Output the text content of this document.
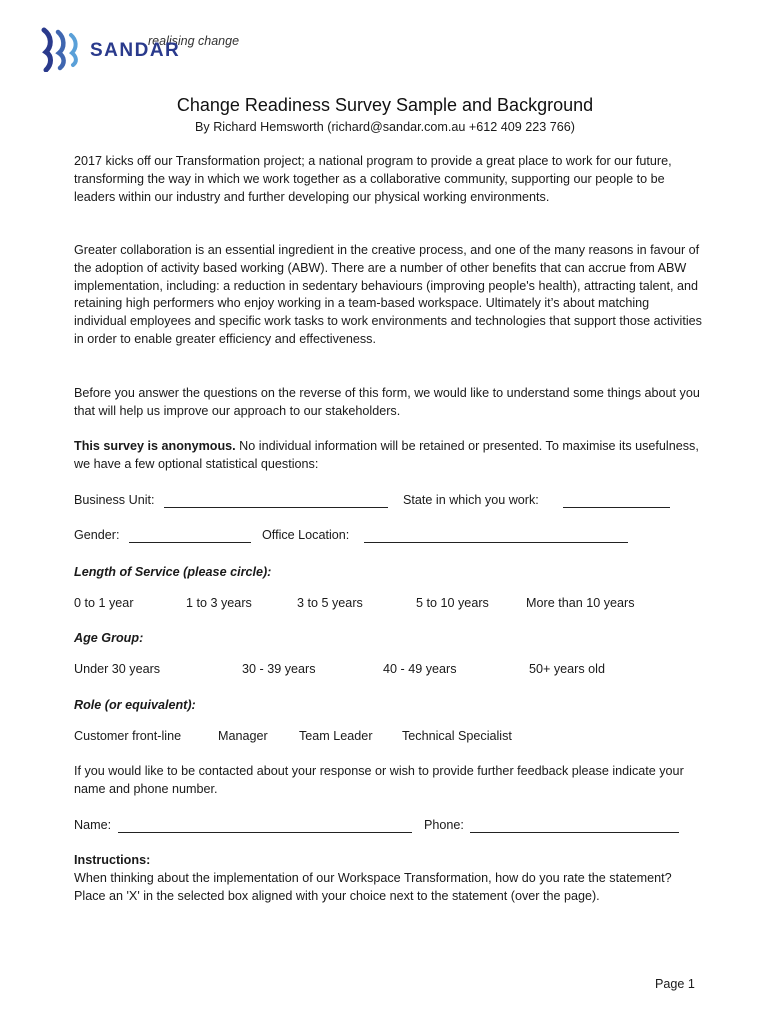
realising change
SANDAR
Change Readiness Survey Sample and Background
By Richard Hemsworth (richard@sandar.com.au +612 409 223 766)

2017 kicks off our Transformation project; a national program to provide a great place to work for our future, transforming the way in which we work together as a collaborative community, supporting our people to be leaders within our industry and further developing our physical working environments.

Greater collaboration is an essential ingredient in the creative process, and one of the many reasons in favour of the adoption of activity based working (ABW). There are a number of other benefits that can accrue from ABW implementation, including: a reduction in sedentary behaviours (improving people's health), attracting talent, and retaining high performers who enjoy working in a team-based workspace. Ultimately it’s about matching individual employees and specific work tasks to work environments and technologies that support those activities in order to enable greater efficiency and effectiveness.

Before you answer the questions on the reverse of this form, we would like to understand some things about you that will help us improve our approach to our stakeholders.

This survey is anonymous. No individual information will be retained or presented. To maximise its usefulness, we have a few optional statistical questions:

Business Unit:	State in which you work:
Gender:	Office Location:
Length of Service (please circle):
0 to 1 year	1 to 3 years	3 to 5 years	5 to 10 years	More than 10 years
Age Group:
Under 30 years	30 - 39 years	40 - 49 years	50+ years old
Role (or equivalent):
Customer front-line	Manager Team Leader Technical Specialist

If you would like to be contacted about your response or wish to provide further feedback please indicate your name and phone number.

Name:	Phone:
Instructions:
When thinking about the implementation of our Workspace Transformation, how do you rate the statement? Place an 'X' in the selected box aligned with your choice next to the statement (over the page).
Page 1
